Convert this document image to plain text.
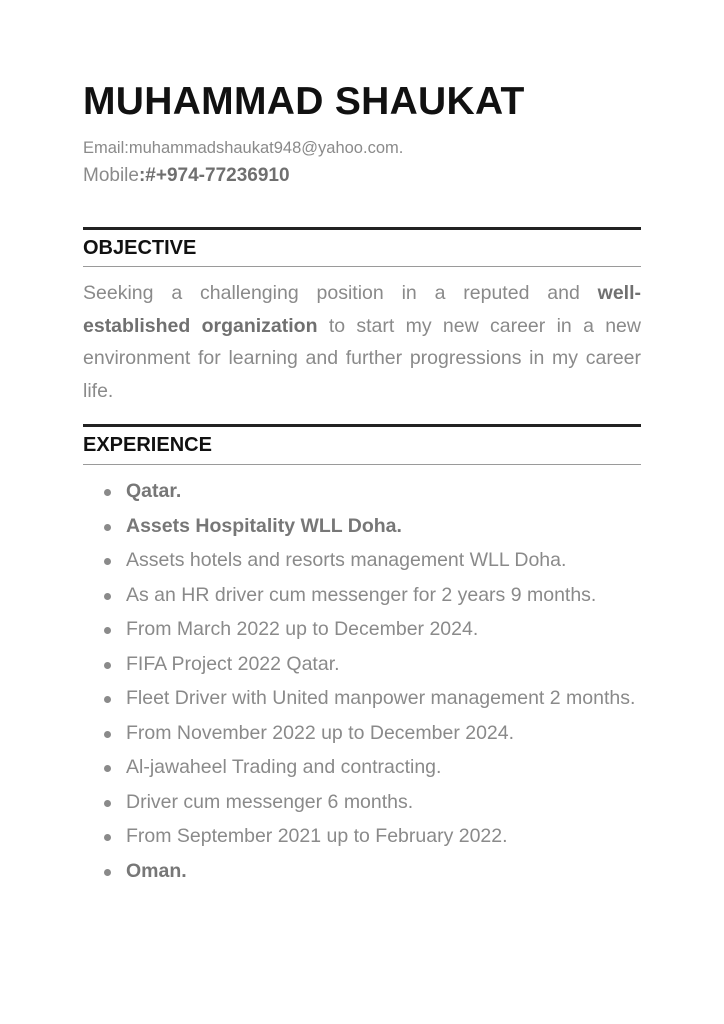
MUHAMMAD SHAUKAT
Email:muhammadshaukat948@yahoo.com.
Mobile:#+974-77236910
OBJECTIVE

Seeking a challenging position in a reputed and well-established organization to start my new career in a new environment for learning and further progressions in my career life.

EXPERIENCE
Qatar.
Assets Hospitality WLL Doha.
Assets hotels and resorts management WLL Doha.
As an HR driver cum messenger for 2 years 9 months.
From March 2022 up to December 2024.
FIFA Project 2022 Qatar.
Fleet Driver with United manpower management 2 months.
From November 2022 up to December 2024.
Al-jawaheel Trading and contracting.
Driver cum messenger 6 months.
From September 2021 up to February 2022.
Oman.
